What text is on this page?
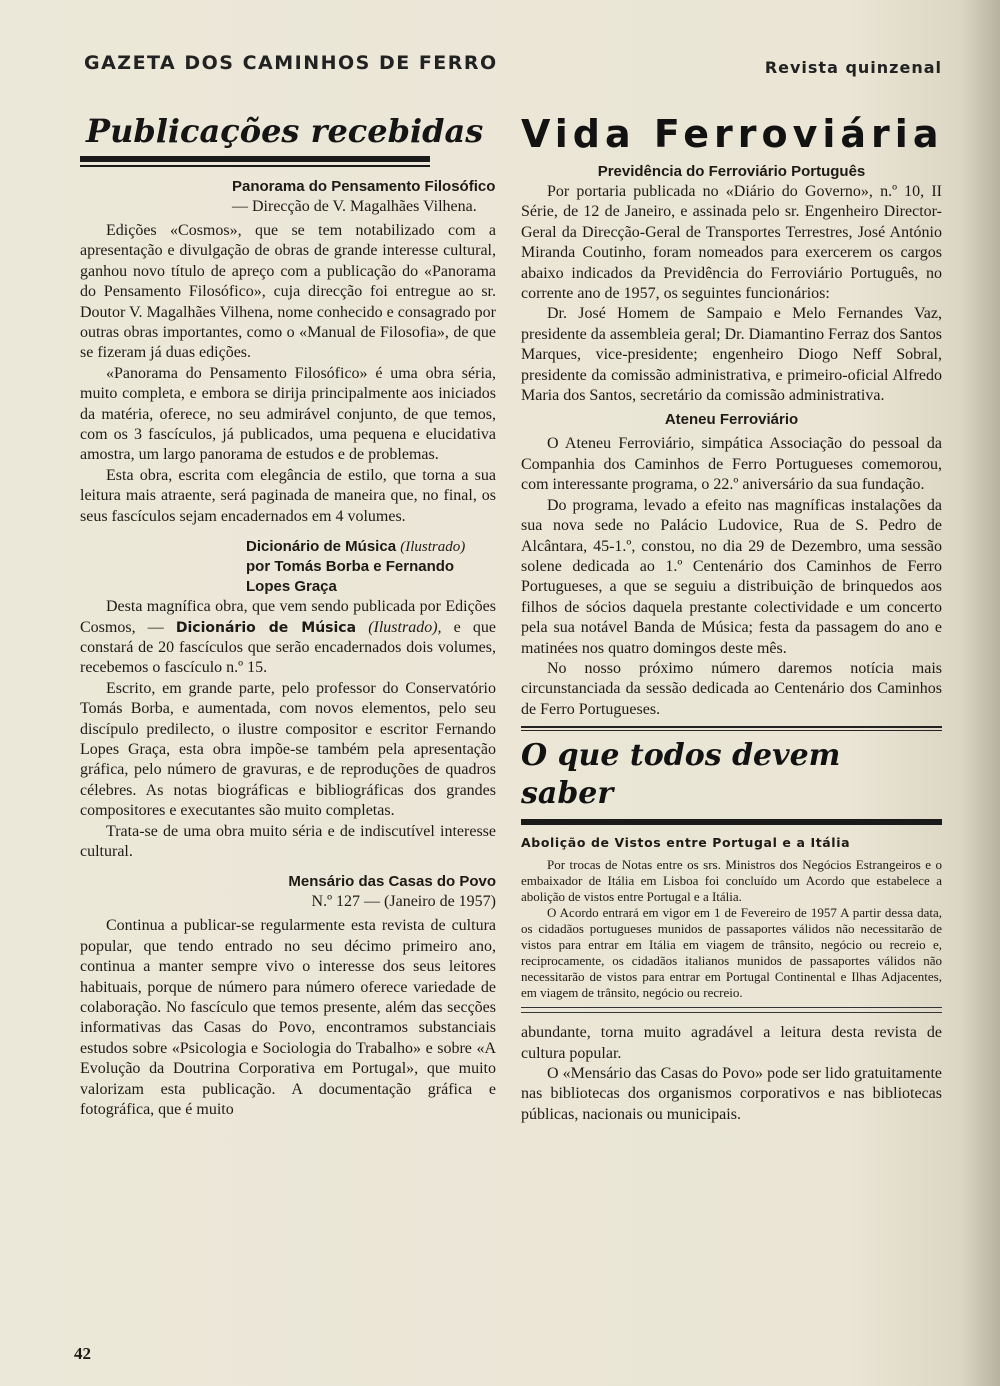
GAZETA DOS CAMINHOS DE FERRO	Revista quinzenal
Publicações recebidas
Panorama do Pensamento Filosófico
— Direcção de V. Magalhães Vilhena.

Edições «Cosmos», que se tem notabilizado com a apresentação e divulgação de obras de grande interesse cultural, ganhou novo título de apreço com a publicação do «Panorama do Pensamento Filosófico», cuja direcção foi entregue ao sr. Doutor V. Magalhães Vilhena, nome conhecido e consagrado por outras obras importantes, como o «Manual de Filosofia», de que se fizeram já duas edições.

«Panorama do Pensamento Filosófico» é uma obra séria, muito completa, e embora se dirija principalmente aos iniciados da matéria, oferece, no seu admirável conjunto, de que temos, com os 3 fascículos, já publicados, uma pequena e elucidativa amostra, um largo panorama de estudos e de problemas.

Esta obra, escrita com elegância de estilo, que torna a sua leitura mais atraente, será paginada de maneira que, no final, os seus fascículos sejam encadernados em 4 volumes.

Dicionário de Música (Ilustrado)
por Tomás Borba e Fernando
Lopes Graça

Desta magnífica obra, que vem sendo publicada por Edições Cosmos, — Dicionário de Música (Ilustrado), e que constará de 20 fascículos que serão encadernados dois volumes, recebemos o fascículo n.º 15.

Escrito, em grande parte, pelo professor do Conservatório Tomás Borba, e aumentada, com novos elementos, pelo seu discípulo predilecto, o ilustre compositor e escritor Fernando Lopes Graça, esta obra impõe-se também pela apresentação gráfica, pelo número de gravuras, e de reproduções de quadros célebres. As notas biográficas e bibliográficas dos grandes compositores e executantes são muito completas.

Trata-se de uma obra muito séria e de indiscutível interesse cultural.

Mensário das Casas do Povo
N.º 127 — (Janeiro de 1957)

Continua a publicar-se regularmente esta revista de cultura popular, que tendo entrado no seu décimo primeiro ano, continua a manter sempre vivo o interesse dos seus leitores habituais, porque de número para número oferece variedade de colaboração. No fascículo que temos presente, além das secções informativas das Casas do Povo, encontramos substanciais estudos sobre «Psicologia e Sociologia do Trabalho» e sobre «A Evolução da Doutrina Corporativa em Portugal», que muito valorizam esta publicação. A documentação gráfica e fotográfica, que é muito

Vida Ferroviária
Previdência do Ferroviário Português

Por portaria publicada no «Diário do Governo», n.º 10, II Série, de 12 de Janeiro, e assinada pelo sr. Engenheiro Director-Geral da Direcção-Geral de Transportes Terrestres, José António Miranda Coutinho, foram nomeados para exercerem os cargos abaixo indicados da Previdência do Ferroviário Português, no corrente ano de 1957, os seguintes funcionários:

Dr. José Homem de Sampaio e Melo Fernandes Vaz, presidente da assembleia geral; Dr. Diamantino Ferraz dos Santos Marques, vice-presidente; engenheiro Diogo Neff Sobral, presidente da comissão administrativa, e primeiro-oficial Alfredo Maria dos Santos, secretário da comissão administrativa.

Ateneu Ferroviário

O Ateneu Ferroviário, simpática Associação do pessoal da Companhia dos Caminhos de Ferro Portugueses comemorou, com interessante programa, o 22.º aniversário da sua fundação.

Do programa, levado a efeito nas magníficas instalações da sua nova sede no Palácio Ludovice, Rua de S. Pedro de Alcântara, 45-1.º, constou, no dia 29 de Dezembro, uma sessão solene dedicada ao 1.º Centenário dos Caminhos de Ferro Portugueses, a que se seguiu a distribuição de brinquedos aos filhos de sócios daquela prestante colectividade e um concerto pela sua notável Banda de Música; festa da passagem do ano e matinées nos quatro domingos deste mês.

No nosso próximo número daremos notícia mais circunstanciada da sessão dedicada ao Centenário dos Caminhos de Ferro Portugueses.

O que todos devem saber
Abolição de Vistos entre Portugal e a Itália

Por trocas de Notas entre os srs. Ministros dos Negócios Estrangeiros e o embaixador de Itália em Lisboa foi concluído um Acordo que estabelece a abolição de vistos entre Portugal e a Itália.

O Acordo entrará em vigor em 1 de Fevereiro de 1957 A partir dessa data, os cidadãos portugueses munidos de passaportes válidos não necessitarão de vistos para entrar em Itália em viagem de trânsito, negócio ou recreio e, reciprocamente, os cidadãos italianos munidos de passaportes válidos não necessitarão de vistos para entrar em Portugal Continental e Ilhas Adjacentes, em viagem de trânsito, negócio ou recreio.

abundante, torna muito agradável a leitura desta revista de cultura popular.

O «Mensário das Casas do Povo» pode ser lido gratuitamente nas bibliotecas dos organismos corporativos e nas bibliotecas públicas, nacionais ou municipais.

42
